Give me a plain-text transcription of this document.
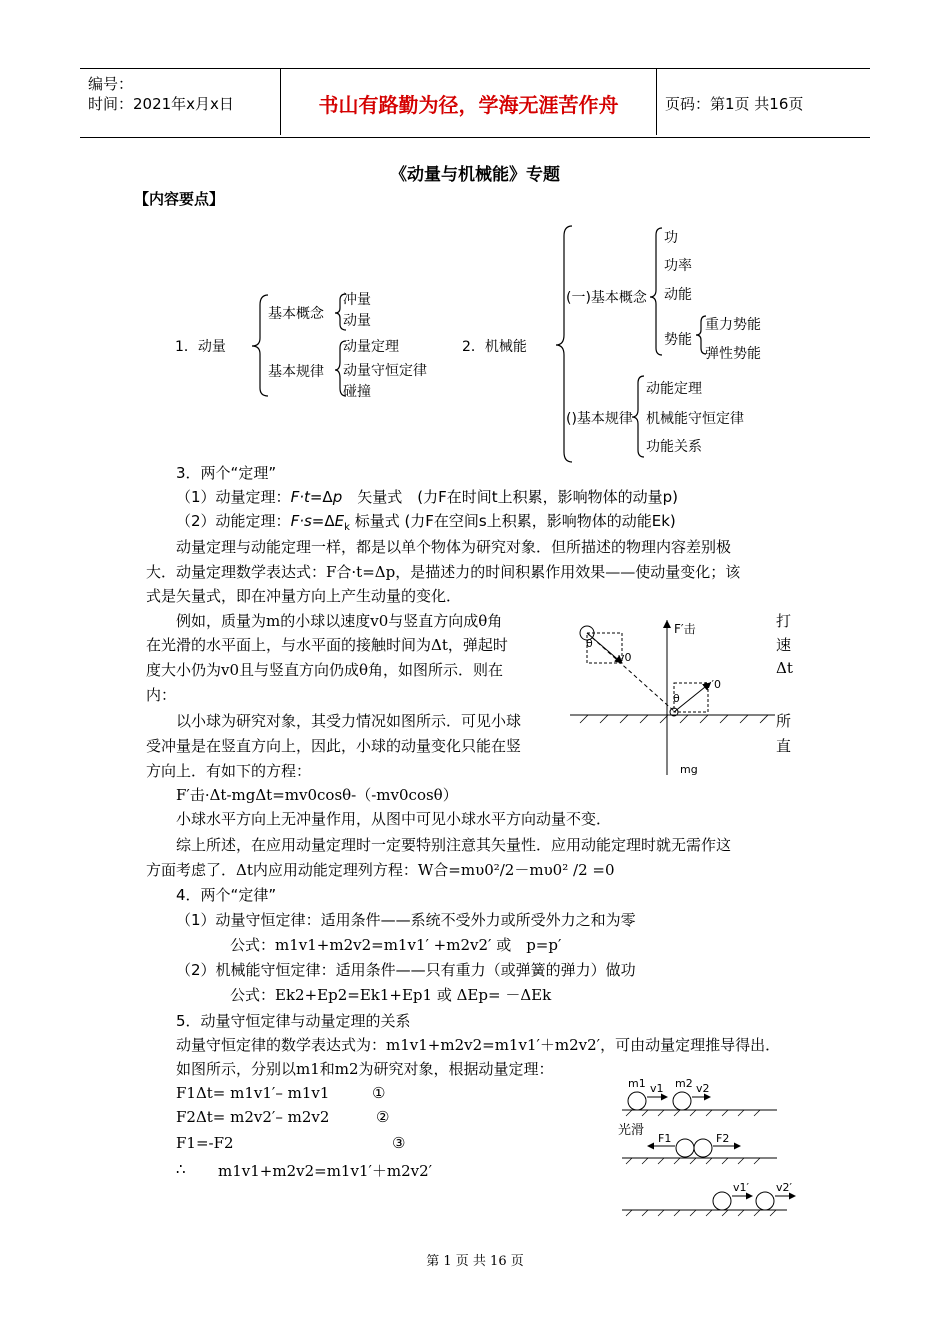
编号：
时间：2021年x月x日	书山有路勤为径，学海无涯苦作舟	页码：第1页 共16页
《动量与机械能》专题
【内容要点】
1．动量
基本概念
冲量
动量
基本规律
动量定理
动量守恒定律
碰撞
2．机械能
(一)基本概念
功
功率
动能
势能
重力势能
弹性势能
()基本规律
动能定理
机械能守恒定律
功能关系
3．两个“定理”
（1）动量定理：F·t=Δp　 矢量式　(力F在时间t上积累，影响物体的动量p)
（2）动能定理：$F\cdot s=\Delta E_k$ 标量式 (力F在空间s上积累，影响物体的动能Ek)
动量定理与动能定理一样，都是以单个物体为研究对象．但所描述的物理内容差别极
大．动量定理数学表达式：F合·t=Δp，是描述力的时间积累作用效果——使动量变化；该
式是矢量式，即在冲量方向上产生动量的变化．
例如，质量为m的小球以速度v0与竖直方向成θ角	打
在光滑的水平面上，与水平面的接触时间为Δt，弹起时	速
度大小仍为v0且与竖直方向仍成θ角，如图所示．则在	Δt
内：
以小球为研究对象，其受力情况如图所示．可见小球	所
受冲量是在竖直方向上，因此，小球的动量变化只能在竖	直
方向上．有如下的方程：
F′击·Δt-mgΔt=mv0cosθ-（-mv0cosθ）
小球水平方向上无冲量作用，从图中可见小球水平方向动量不变．
综上所述，在应用动量定理时一定要特别注意其矢量性．应用动能定理时就无需作这
方面考虑了．Δt内应用动能定理列方程：W合=mυ0²/2－mυ0² /2 =0
F′击
v0
v′0
θ
θ
mg
4．两个“定律”
（1）动量守恒定律：适用条件——系统不受外力或所受外力之和为零
公式：m1v1+m2v2=m1v1′ +m2v2′ 或　p=p′
（2）机械能守恒定律：适用条件——只有重力（或弹簧的弹力）做功
公式：Ek2+Ep2=Ek1+Ep1 或 ΔEp= －ΔEk
5．动量守恒定律与动量定理的关系
动量守恒定律的数学表达式为：m1v1+m2v2=m1v1′＋m2v2′，可由动量定理推导得出．
如图所示，分别以m1和m2为研究对象，根据动量定理：
F1Δt= m1v1′– m1v1	①
F2Δt= m2v2′– m2v2	②
F1=-F2	③
∴ m1v1+m2v2=m1v1′＋m2v2′
m1 v1 m2 v2
光滑
F1	F2
v1′ v2′
第 1 页 共 16 页
